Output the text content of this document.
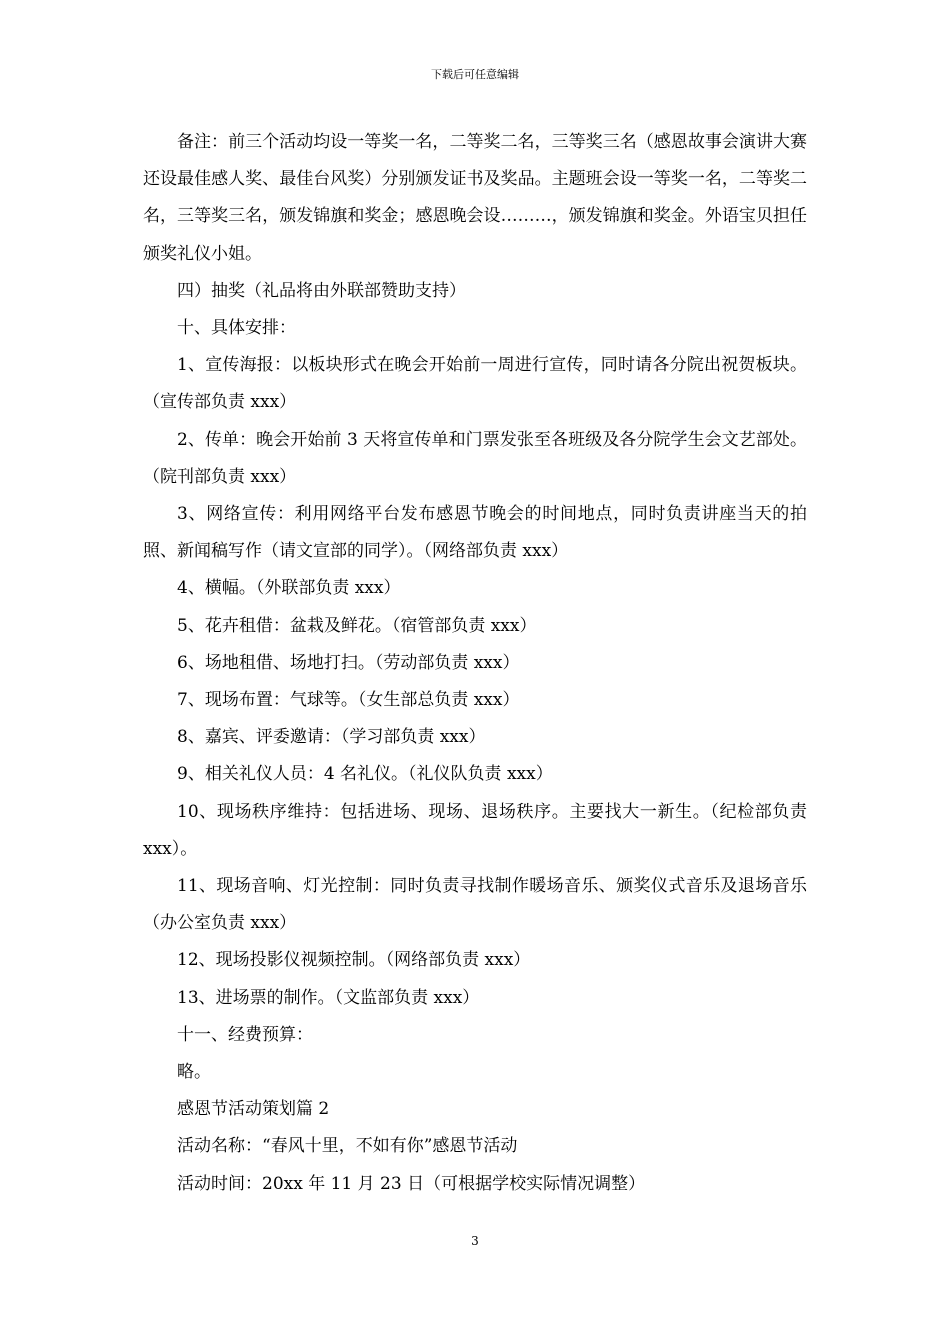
下载后可任意编辑

备注：前三个活动均设一等奖一名，二等奖二名，三等奖三名（感恩故事会演讲大赛还设最佳感人奖、最佳台风奖）分别颁发证书及奖品。主题班会设一等奖一名，二等奖二名，三等奖三名，颁发锦旗和奖金；感恩晚会设………，颁发锦旗和奖金。外语宝贝担任颁奖礼仪小姐。

四）抽奖（礼品将由外联部赞助支持）

十、具体安排：

1、宣传海报：以板块形式在晚会开始前一周进行宣传，同时请各分院出祝贺板块。（宣传部负责 xxx）

2、传单：晚会开始前 3 天将宣传单和门票发张至各班级及各分院学生会文艺部处。（院刊部负责 xxx）

3、网络宣传：利用网络平台发布感恩节晚会的时间地点，同时负责讲座当天的拍照、新闻稿写作（请文宣部的同学）。（网络部负责 xxx）

4、横幅。（外联部负责 xxx）

5、花卉租借：盆栽及鲜花。（宿管部负责 xxx）

6、场地租借、场地打扫。（劳动部负责 xxx）

7、现场布置：气球等。（女生部总负责 xxx）

8、嘉宾、评委邀请：（学习部负责 xxx）

9、相关礼仪人员：4 名礼仪。（礼仪队负责 xxx）

10、现场秩序维持：包括进场、现场、退场秩序。主要找大一新生。（纪检部负责 xxx）。

11、现场音响、灯光控制：同时负责寻找制作暖场音乐、颁奖仪式音乐及退场音乐（办公室负责 xxx）

12、现场投影仪视频控制。（网络部负责 xxx）

13、进场票的制作。（文监部负责 xxx）

十一、经费预算：

略。

感恩节活动策划篇 2

活动名称：“春风十里，不如有你”感恩节活动

活动时间：20xx 年 11 月 23 日（可根据学校实际情况调整）

3
